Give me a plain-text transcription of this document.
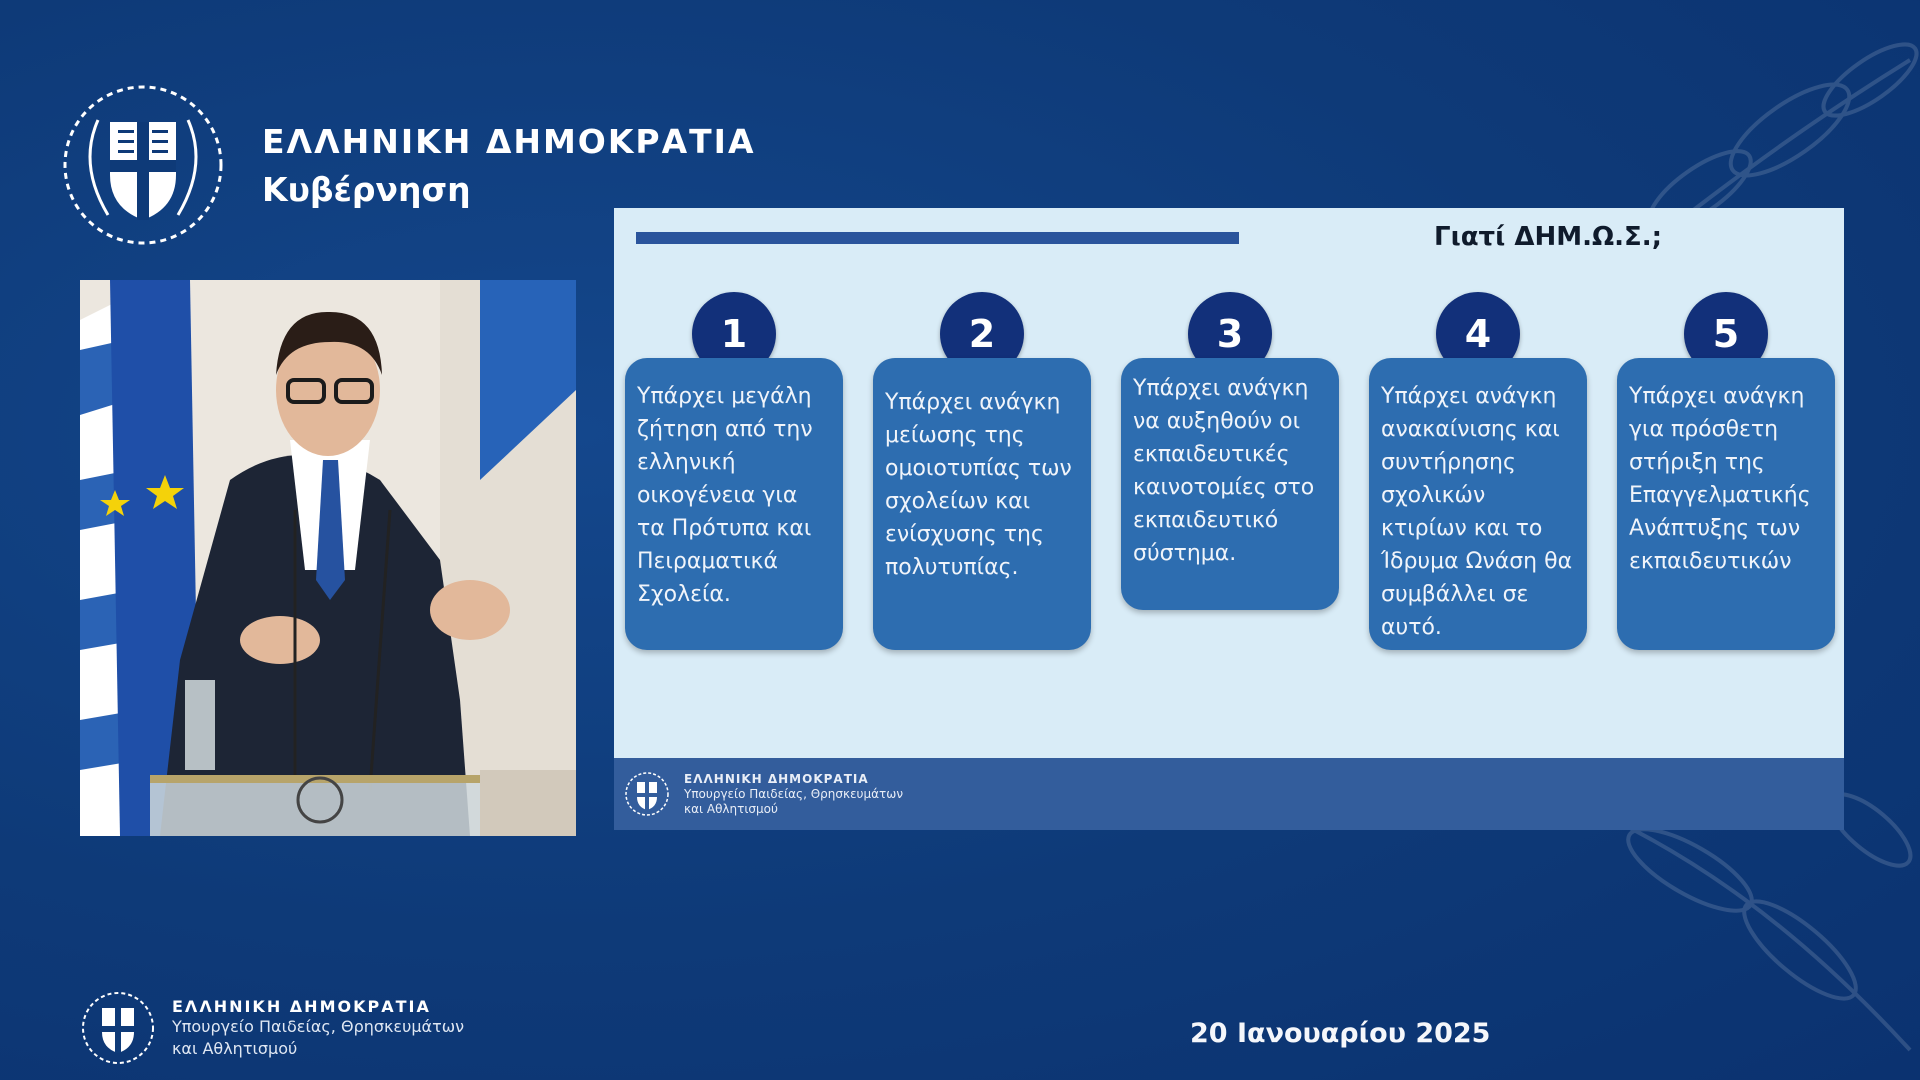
ΕΛΛΗΝΙΚΗ ΔΗΜΟΚΡΑΤΙΑ
Κυβέρνηση
Γιατί ΔΗΜ.Ω.Σ.;
1
Υπάρχει μεγάλη ζήτηση από την ελληνική οικογένεια για τα Πρότυπα και Πειραματικά Σχολεία.
2
Υπάρχει ανάγκη μείωσης της ομοιοτυπίας των σχολείων και ενίσχυσης της πολυτυπίας.
3
Υπάρχει ανάγκη να αυξηθούν οι εκπαιδευτικές καινοτομίες στο εκπαιδευτικό σύστημα.
4
Υπάρχει ανάγκη ανακαίνισης και συντήρησης σχολικών κτιρίων και το Ίδρυμα Ωνάση θα συμβάλλει σε αυτό.
5
Υπάρχει ανάγκη για πρόσθετη στήριξη της Επαγγελματικής Ανάπτυξης των εκπαιδευτικών
ΕΛΛΗΝΙΚΗ ΔΗΜΟΚΡΑΤΙΑ
Υπουργείο Παιδείας, Θρησκευμάτων
και Αθλητισμού
ΕΛΛΗΝΙΚΗ ΔΗΜΟΚΡΑΤΙΑ
Υπουργείο Παιδείας, Θρησκευμάτων
και Αθλητισμού	20 Ιανουαρίου 2025
